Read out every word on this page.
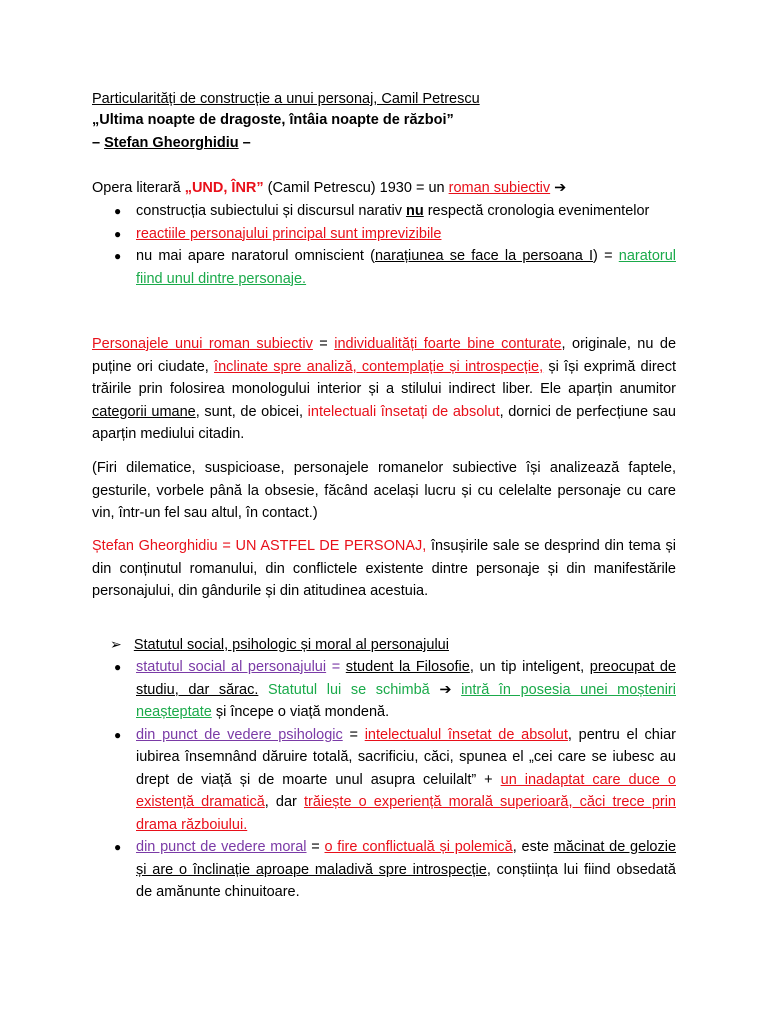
Particularități de construcție a unui personaj, Camil Petrescu
„Ultima noapte de dragoste, întâia noapte de război”
– Stefan Gheorghidiu –
Opera literară „UND, ÎNR” (Camil Petrescu) 1930 = un roman subiectiv ➔
● construcția subiectului și discursul narativ nu respectă cronologia evenimentelor
● reactiile personajului principal sunt imprevizibile
● nu mai apare naratorul omniscient (narațiunea se face la persoana I) = naratorul fiind unul dintre personaje.

Personajele unui roman subiectiv = individualități foarte bine conturate, originale, nu de puține ori ciudate, înclinate spre analiză, contemplație și introspecție, și își exprimă direct trăirile prin folosirea monologului interior și a stilului indirect liber. Ele aparțin anumitor categorii umane, sunt, de obicei, intelectuali însetați de absolut, dornici de perfecțiune sau aparțin mediului citadin.

(Firi dilematice, suspicioase, personajele romanelor subiective își analizează faptele, gesturile, vorbele până la obsesie, făcând același lucru și cu celelalte personaje cu care vin, într-un fel sau altul, în contact.)

Ștefan Gheorghidiu = UN ASTFEL DE PERSONAJ, însușirile sale se desprind din tema și din conținutul romanului, din conflictele existente dintre personaje și din manifestările personajului, din gândurile și din atitudinea acestuia.

➢ Statutul social, psihologic și moral al personajului
● statutul social al personajului = student la Filosofie, un tip inteligent, preocupat de studiu, dar sărac. Statutul lui se schimbă ➔ intră în posesia unei moșteniri neașteptate și începe o viață mondenă.
● din punct de vedere psihologic = intelectualul însetat de absolut, pentru el chiar iubirea însemnând dăruire totală, sacrificiu, căci, spunea el „cei care se iubesc au drept de viață și de moarte unul asupra celuilalt” + un inadaptat care duce o existență dramatică, dar trăiește o experiență morală superioară, căci trece prin drama războiului.
● din punct de vedere moral = o fire conflictuală și polemică, este măcinat de gelozie și are o înclinație aproape maladivă spre introspecție, conștiința lui fiind obsedată de amănunte chinuitoare.
